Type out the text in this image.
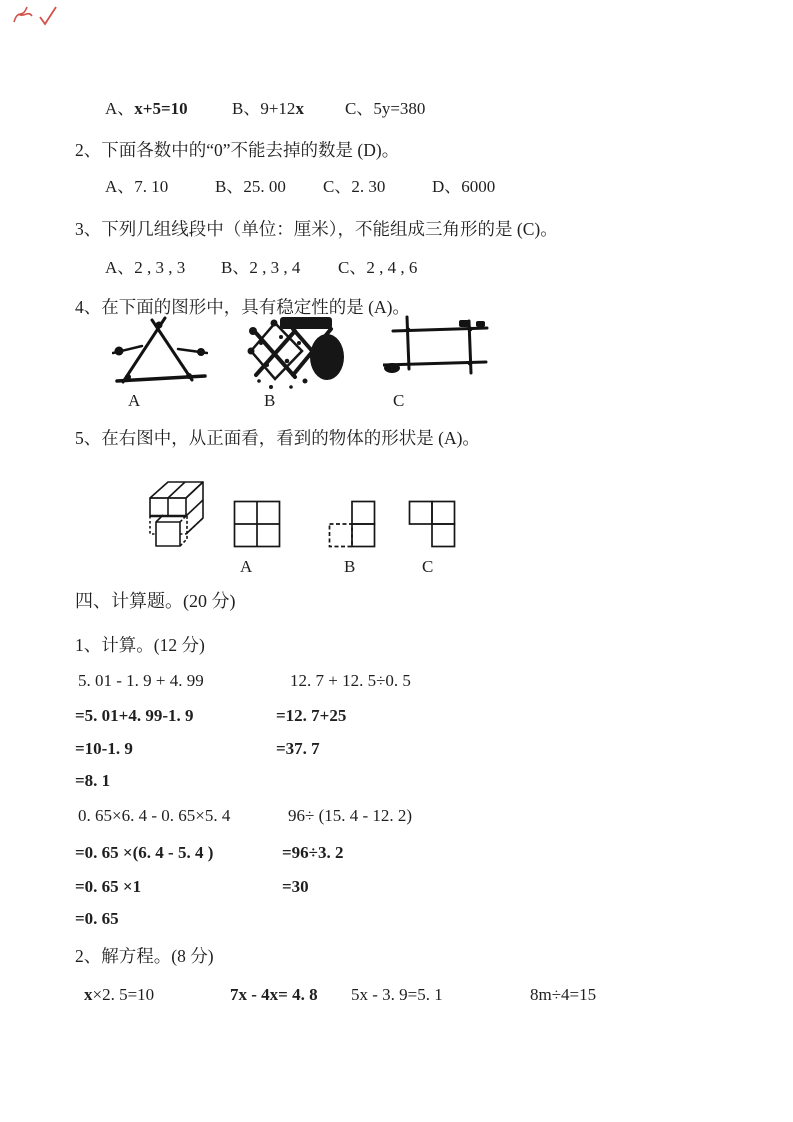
A、x+5=10	B、9+12x C、5y=380
2、下面各数中的“0”不能去掉的数是 (D)。
A、7. 10	B、25. 00 C、2. 30	D、6000
3、下列几组线段中（单位：厘米），不能组成三角形的是 (C)。
A、2 , 3 , 3 B、2 , 3 , 4 C、2 , 4 , 6
4、在下面的图形中，具有稳定性的是 (A)。
A	B	C
5、在右图中，从正面看，看到的物体的形状是 (A)。
A	B	C
四、计算题。(20 分)
1、计算。(12 分)
5. 01 - 1. 9 + 4. 99	12. 7 + 12. 5÷0. 5
=5. 01+4. 99-1. 9	=12. 7+25
=10-1. 9	=37. 7
=8. 1
0. 65×6. 4 - 0. 65×5. 4	96÷ (15. 4 - 12. 2)
=0. 65 ×(6. 4 - 5. 4 )	=96÷3. 2
=0. 65 ×1	=30
=0. 65
2、解方程。(8 分)
x×2. 5=10	7x - 4x= 4. 8 5x - 3. 9=5. 1	8m÷4=15
